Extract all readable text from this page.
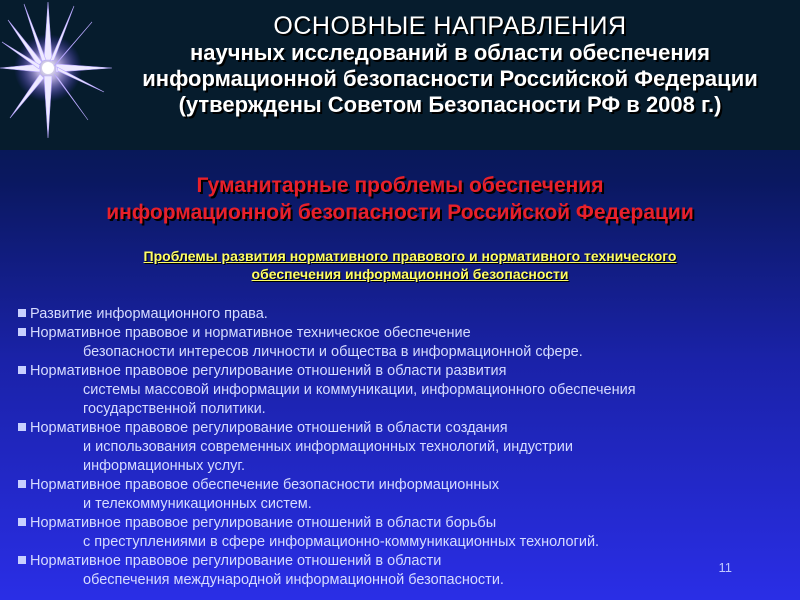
ОСНОВНЫЕ НАПРАВЛЕНИЯ
научных исследований в области обеспечения
информационной безопасности Российской Федерации
(утверждены Советом Безопасности РФ в 2008 г.)
Гуманитарные проблемы обеспечения
информационной безопасности Российской Федерации
Проблемы развития нормативного правового и нормативного технического
обеспечения информационной безопасности
Развитие информационного права.
Нормативное правовое и нормативное техническое обеспечение
безопасности интересов личности и общества в информационной сфере.
Нормативное правовое регулирование отношений в области развития
системы массовой информации и коммуникации, информационного обеспечения
государственной политики.
Нормативное правовое регулирование отношений в области создания
и использования современных информационных технологий, индустрии
информационных услуг.
Нормативное правовое обеспечение безопасности информационных
и телекоммуникационных систем.
Нормативное правовое регулирование отношений в области борьбы
с преступлениями в сфере информационно-коммуникационных технологий.
Нормативное правовое регулирование отношений в области
обеспечения международной информационной безопасности.
11
